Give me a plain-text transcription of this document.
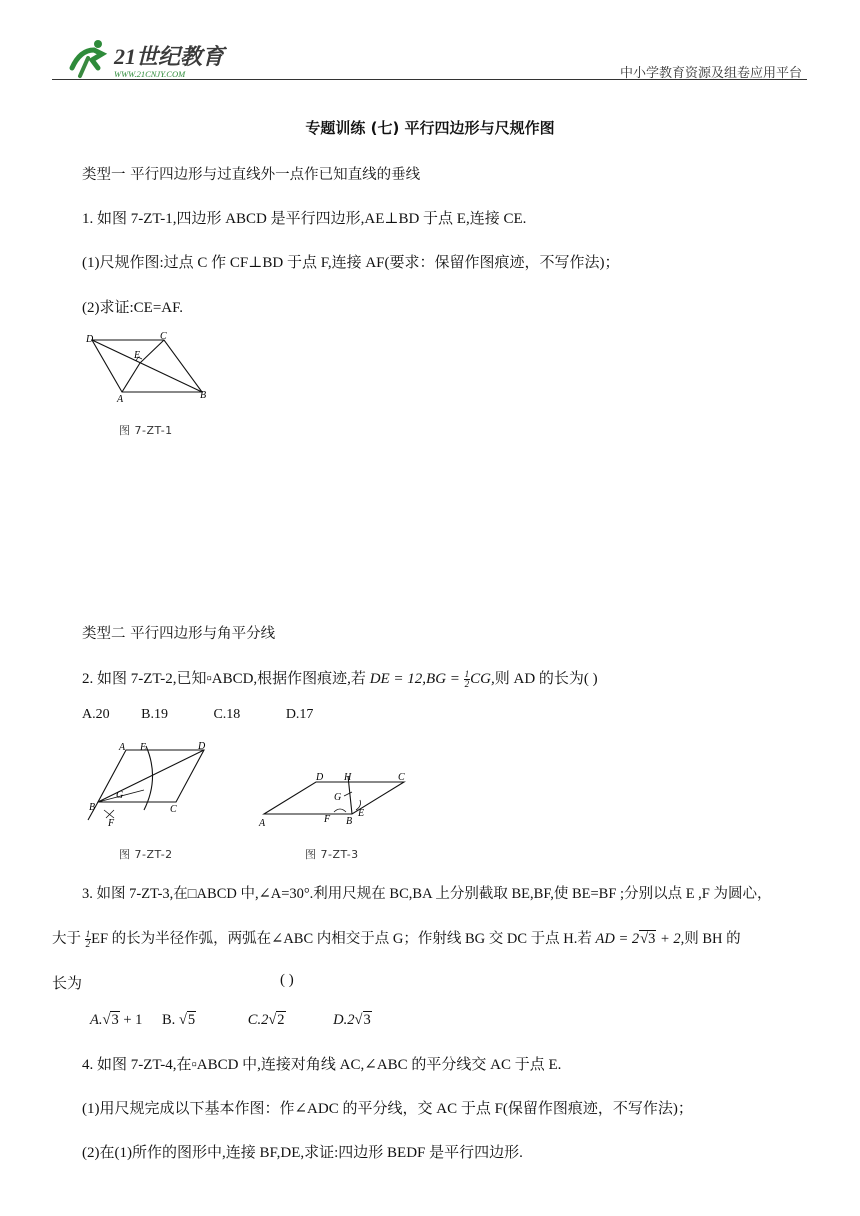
21世纪教育
WWW.21CNJY.COM	中小学教育资源及组卷应用平台
专题训练 (七) 平行四边形与尺规作图
类型一 平行四边形与过直线外一点作已知直线的垂线
1. 如图 7-ZT-1,四边形 ABCD 是平行四边形,AE⊥BD 于点 E,连接 CE.
(1)尺规作图:过点 C 作 CF⊥BD 于点 F,连接 AF(要求：保留作图痕迹，不写作法)；
(2)求证:CE=AF.
D	C
E
A	B
图 7-ZT-1
类型二 平行四边形与角平分线
2. 如图 7-ZT-2,已知▫ABCD,根据作图痕迹,若 DE = $12,BG = \frac{1}{2}$ CG,则 AD 的长为( )
A.20 B.19	C.18	D.17
A E	D
B
G
C
F
图 7-ZT-2
D H	C
G
A	F B
E
图 7-ZT-3
3. 如图 7-ZT-3,在□ABCD 中,∠A=30°.利用尺规在 BC,BA 上分别截取 BE,BF,使 BE=BF ;分别以点 E ,F 为圆心，
大于 $\frac{1}{2}$ EF 的长为半径作弧，两弧在∠ABC 内相交于点 G；作射线 BG 交 DC 于点 H.若 AD = 2√3 + 2,则 BH 的
长为	( )
A.√3 + 1 B. √5	C.2√2	D.2√3
4. 如图 7-ZT-4,在▫ABCD 中,连接对角线 AC,∠ABC 的平分线交 AC 于点 E.
(1)用尺规完成以下基本作图：作∠ADC 的平分线，交 AC 于点 F(保留作图痕迹，不写作法)；
(2)在(1)所作的图形中,连接 BF,DE,求证:四边形 BEDF 是平行四边形.
